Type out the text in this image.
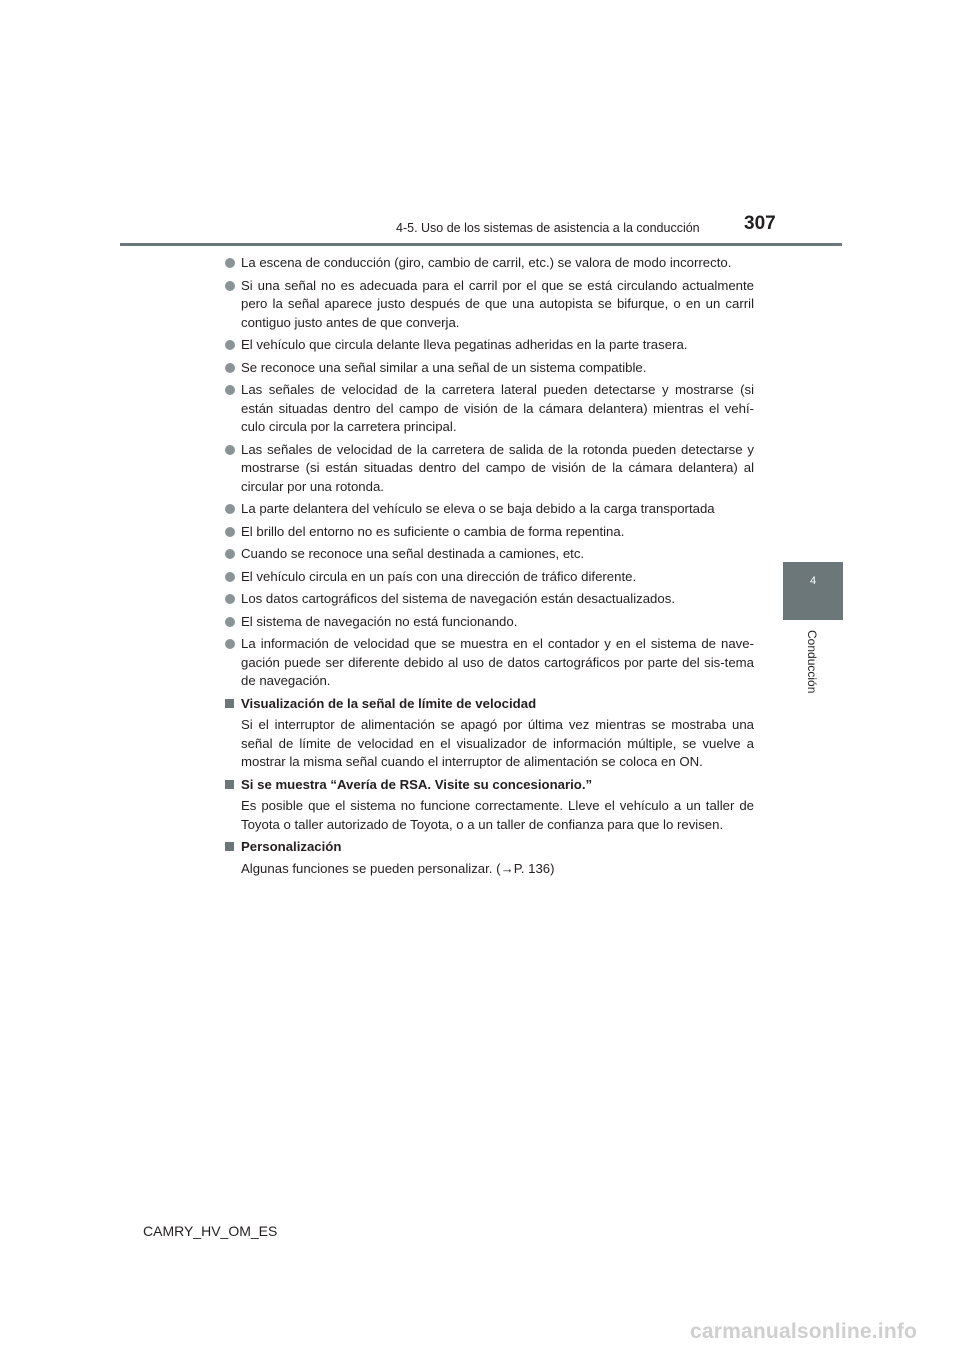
4-5. Uso de los sistemas de asistencia a la conducción 307
4
Conducción
La escena de conducción (giro, cambio de carril, etc.) se valora de modo incorrecto.
Si una señal no es adecuada para el carril por el que se está circulando actualmente pero la señal aparece justo después de que una autopista se bifurque, o en un carril contiguo justo antes de que converja.
El vehículo que circula delante lleva pegatinas adheridas en la parte trasera.
Se reconoce una señal similar a una señal de un sistema compatible.
Las señales de velocidad de la carretera lateral pueden detectarse y mostrarse (si están situadas dentro del campo de visión de la cámara delantera) mientras el vehí-culo circula por la carretera principal.
Las señales de velocidad de la carretera de salida de la rotonda pueden detectarse y mostrarse (si están situadas dentro del campo de visión de la cámara delantera) al circular por una rotonda.
La parte delantera del vehículo se eleva o se baja debido a la carga transportada
El brillo del entorno no es suficiente o cambia de forma repentina.
Cuando se reconoce una señal destinada a camiones, etc.
El vehículo circula en un país con una dirección de tráfico diferente.
Los datos cartográficos del sistema de navegación están desactualizados.
El sistema de navegación no está funcionando.
La información de velocidad que se muestra en el contador y en el sistema de nave-gación puede ser diferente debido al uso de datos cartográficos por parte del sis-tema de navegación.
Visualización de la señal de límite de velocidad
Si el interruptor de alimentación se apagó por última vez mientras se mostraba una señal de límite de velocidad en el visualizador de información múltiple, se vuelve a mostrar la misma señal cuando el interruptor de alimentación se coloca en ON.
Si se muestra “Avería de RSA. Visite su concesionario.”
Es posible que el sistema no funcione correctamente. Lleve el vehículo a un taller de Toyota o taller autorizado de Toyota, o a un taller de confianza para que lo revisen.
Personalización
Algunas funciones se pueden personalizar. (→P. 136)
CAMRY_HV_OM_ES
carmanualsonline.info
